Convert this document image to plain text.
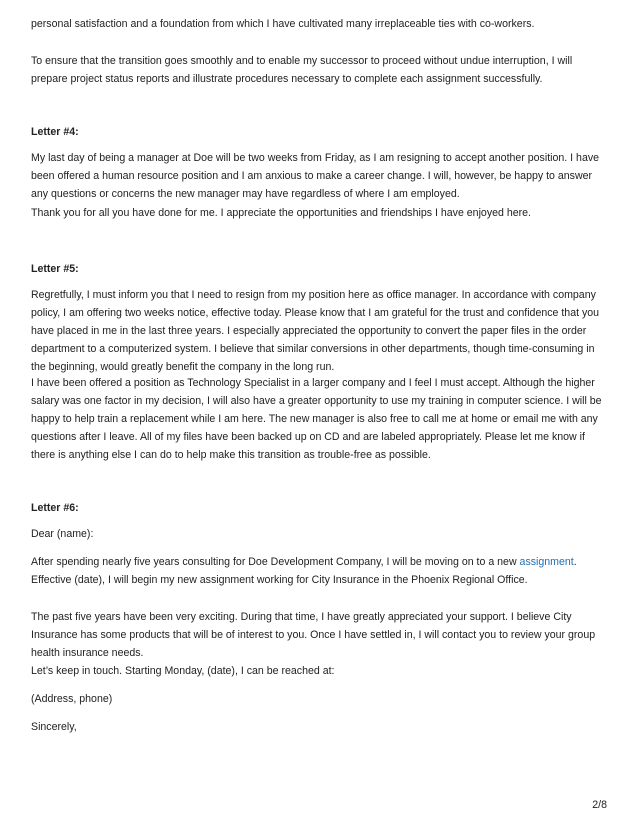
personal satisfaction and a foundation from which I have cultivated many irreplaceable ties with co-workers.

To ensure that the transition goes smoothly and to enable my successor to proceed without undue interruption, I will prepare project status reports and illustrate procedures necessary to complete each assignment successfully.

Letter #4:

My last day of being a manager at Doe will be two weeks from Friday, as I am resigning to accept another position. I have been offered a human resource position and I am anxious to make a career change. I will, however, be happy to answer any questions or concerns the new manager may have regardless of where I am employed.

Thank you for all you have done for me. I appreciate the opportunities and friendships I have enjoyed here.

Letter #5:

Regretfully, I must inform you that I need to resign from my position here as office manager. In accordance with company policy, I am offering two weeks notice, effective today. Please know that I am grateful for the trust and confidence that you have placed in me in the last three years. I especially appreciated the opportunity to convert the paper files in the order department to a computerized system. I believe that similar conversions in other departments, though time-consuming in the beginning, would greatly benefit the company in the long run.

I have been offered a position as Technology Specialist in a larger company and I feel I must accept. Although the higher salary was one factor in my decision, I will also have a greater opportunity to use my training in computer science. I will be happy to help train a replacement while I am here. The new manager is also free to call me at home or email me with any questions after I leave. All of my files have been backed up on CD and are labeled appropriately. Please let me know if there is anything else I can do to help make this transition as trouble-free as possible.

Letter #6:

Dear (name):

After spending nearly five years consulting for Doe Development Company, I will be moving on to a new assignment. Effective (date), I will begin my new assignment working for City Insurance in the Phoenix Regional Office.

The past five years have been very exciting. During that time, I have greatly appreciated your support. I believe City Insurance has some products that will be of interest to you. Once I have settled in, I will contact you to review your group health insurance needs.

Let’s keep in touch. Starting Monday, (date), I can be reached at:

(Address, phone)

Sincerely,

2/8
